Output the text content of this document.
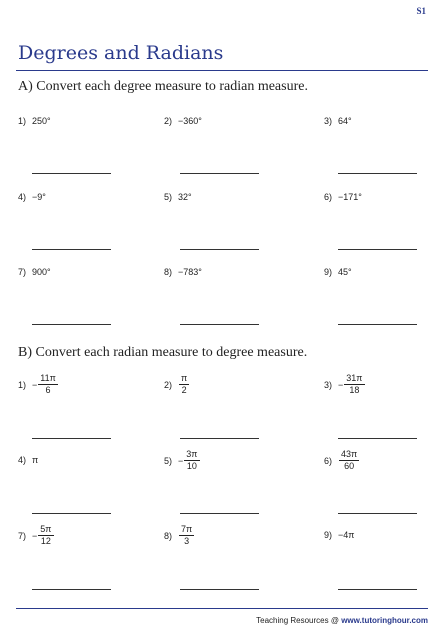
S1
Degrees and Radians
A) Convert each degree measure to radian measure.
1) 250°	2) −360°	3) 64°
4) −9°	5) 32°	6) −171°
7) 900°	8) −783°	9) 45°
B) Convert each radian measure to degree measure.
$1) - \frac{11\pi}{6}$	$2) \frac{\pi}{2}$	$3) - \frac{31\pi}{18}$
4) π	$5) - \frac{3\pi}{10}$	$6) \frac{43\pi}{60}$
$7) - \frac{5\pi}{12}$	$8) \frac{7\pi}{3}$	9) −4π
Teaching Resources @ www.tutoringhour.com
